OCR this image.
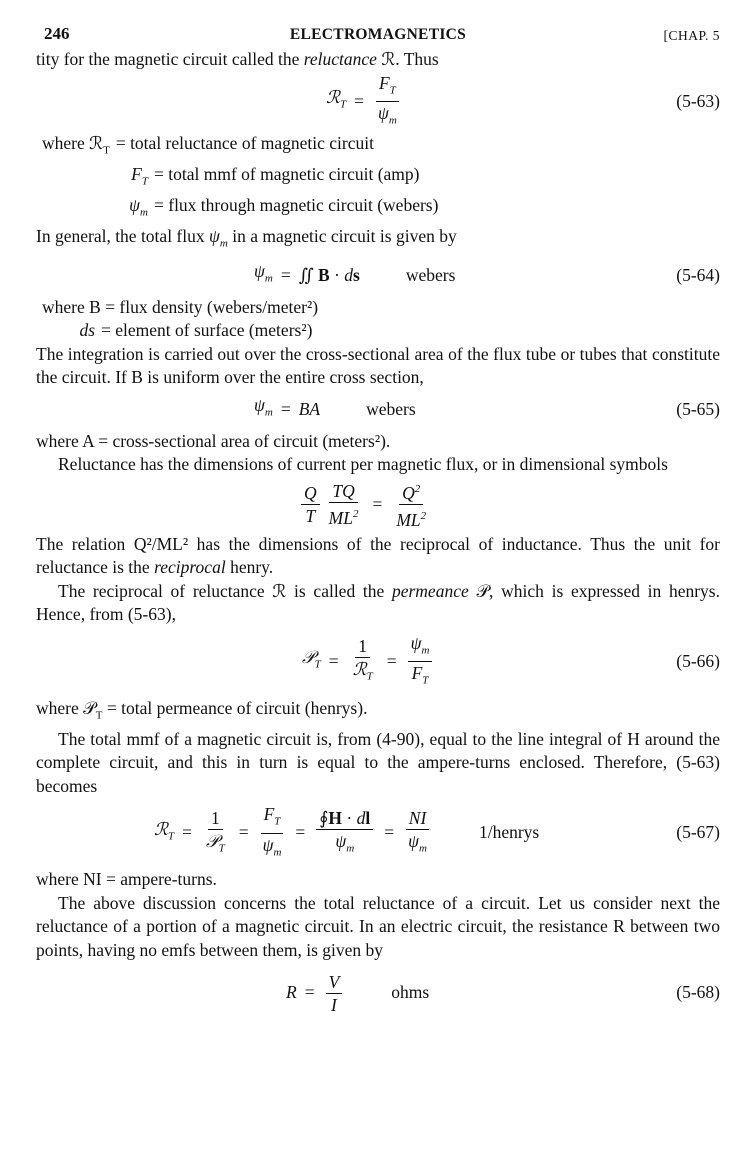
246	ELECTROMAGNETICS	[CHAP. 5

tity for the magnetic circuit called the reluctance ℛ. Thus

ℛ$_T$ = $\frac{F_T}{\psi_m}$	(5-63)
where ℛ$_T$ = total reluctance of magnetic circuit
$F_T$ = total mmf of magnetic circuit (amp)
$\psi_m$ = flux through magnetic circuit (webers)

In general, the total flux $\psi_m$ in a magnetic circuit is given by

$\psi_m$ = ∬ B · ds	webers	(5-64)
where B
= flux density (webers/meter²)
ds = element of surface (meters²)

The integration is carried out over the cross-sectional area of the flux tube or tubes that constitute the circuit. If B is uniform over the entire cross section,

$\psi_m$ = BA	webers	(5-65)

where A = cross-sectional area of circuit (meters²).

Reluctance has the dimensions of current per magnetic flux, or in dimensional symbols

$\frac{Q}{T} \frac{TQ}{ML^2} = \frac{Q^2}{ML^2}$

The relation Q²/ML² has the dimensions of the reciprocal of inductance. Thus the unit for reluctance is the reciprocal henry.

The reciprocal of reluctance ℛ is called the permeance 𝒫, which is expressed in henrys. Hence, from (5-63),

𝒫$_T$ = $\frac{1}{ℛ_T} = \frac{\psi_m}{F_T}$	(5-66)

where 𝒫$_T$ = total permeance of circuit (henrys).

The total mmf of a magnetic circuit is, from (4-90), equal to the line integral of H around the complete circuit, and this in turn is equal to the ampere-turns enclosed. Therefore, (5-63) becomes

ℛ$_T$ = $\frac{1}{𝒫_T} = \frac{F_T}{\psi_m} = \frac{∮H \cdot dl}{\psi_m} = \frac{NI}{\psi_m}$	1/henrys	(5-67)

where NI = ampere-turns.

The above discussion concerns the total reluctance of a circuit. Let us consider next the reluctance of a portion of a magnetic circuit. In an electric circuit, the resistance R between two points, having no emfs between them, is given by

$R = \frac{V}{I}$	ohms	(5-68)
